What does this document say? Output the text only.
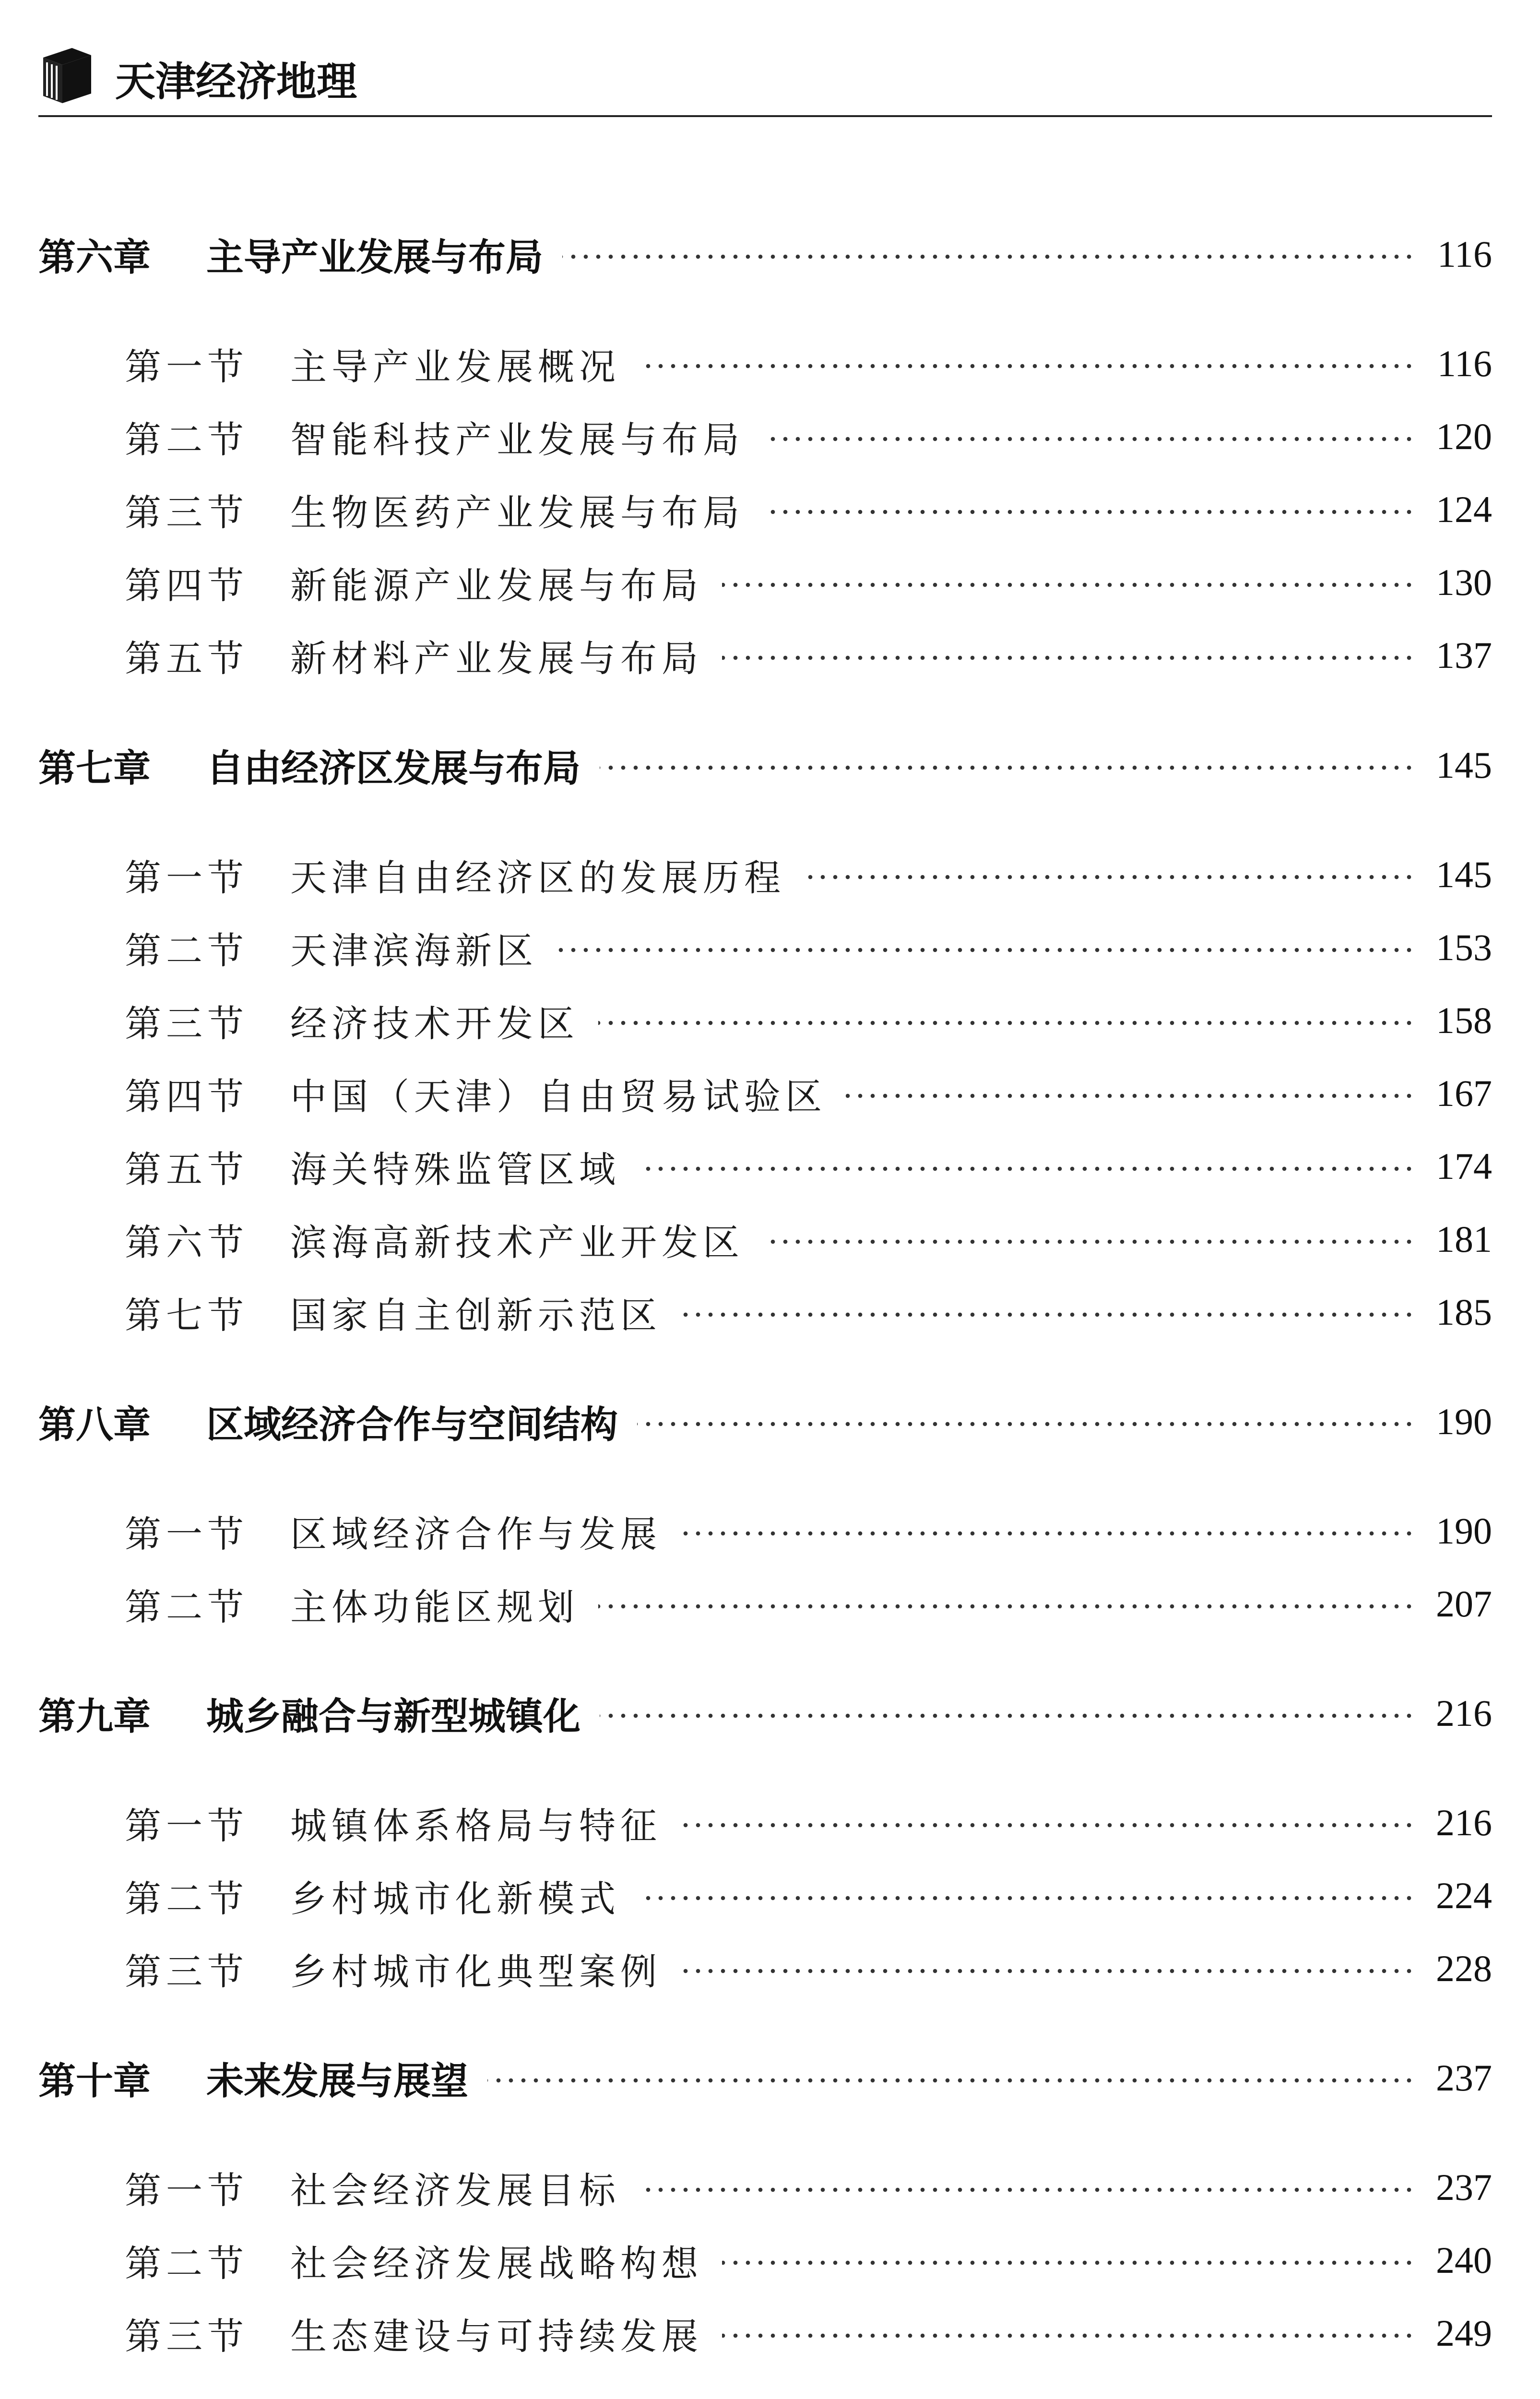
天津经济地理
第六章	主导产业发展与布局	116
第一节	主导产业发展概况	116
第二节	智能科技产业发展与布局	120
第三节	生物医药产业发展与布局	124
第四节	新能源产业发展与布局	130
第五节	新材料产业发展与布局	137
第七章	自由经济区发展与布局	145
第一节	天津自由经济区的发展历程	145
第二节	天津滨海新区	153
第三节	经济技术开发区	158
第四节	中国（天津）自由贸易试验区	167
第五节	海关特殊监管区域	174
第六节	滨海高新技术产业开发区	181
第七节	国家自主创新示范区	185
第八章	区域经济合作与空间结构	190
第一节	区域经济合作与发展	190
第二节	主体功能区规划	207
第九章	城乡融合与新型城镇化	216
第一节	城镇体系格局与特征	216
第二节	乡村城市化新模式	224
第三节	乡村城市化典型案例	228
第十章	未来发展与展望	237
第一节	社会经济发展目标	237
第二节	社会经济发展战略构想	240
第三节	生态建设与可持续发展	249
